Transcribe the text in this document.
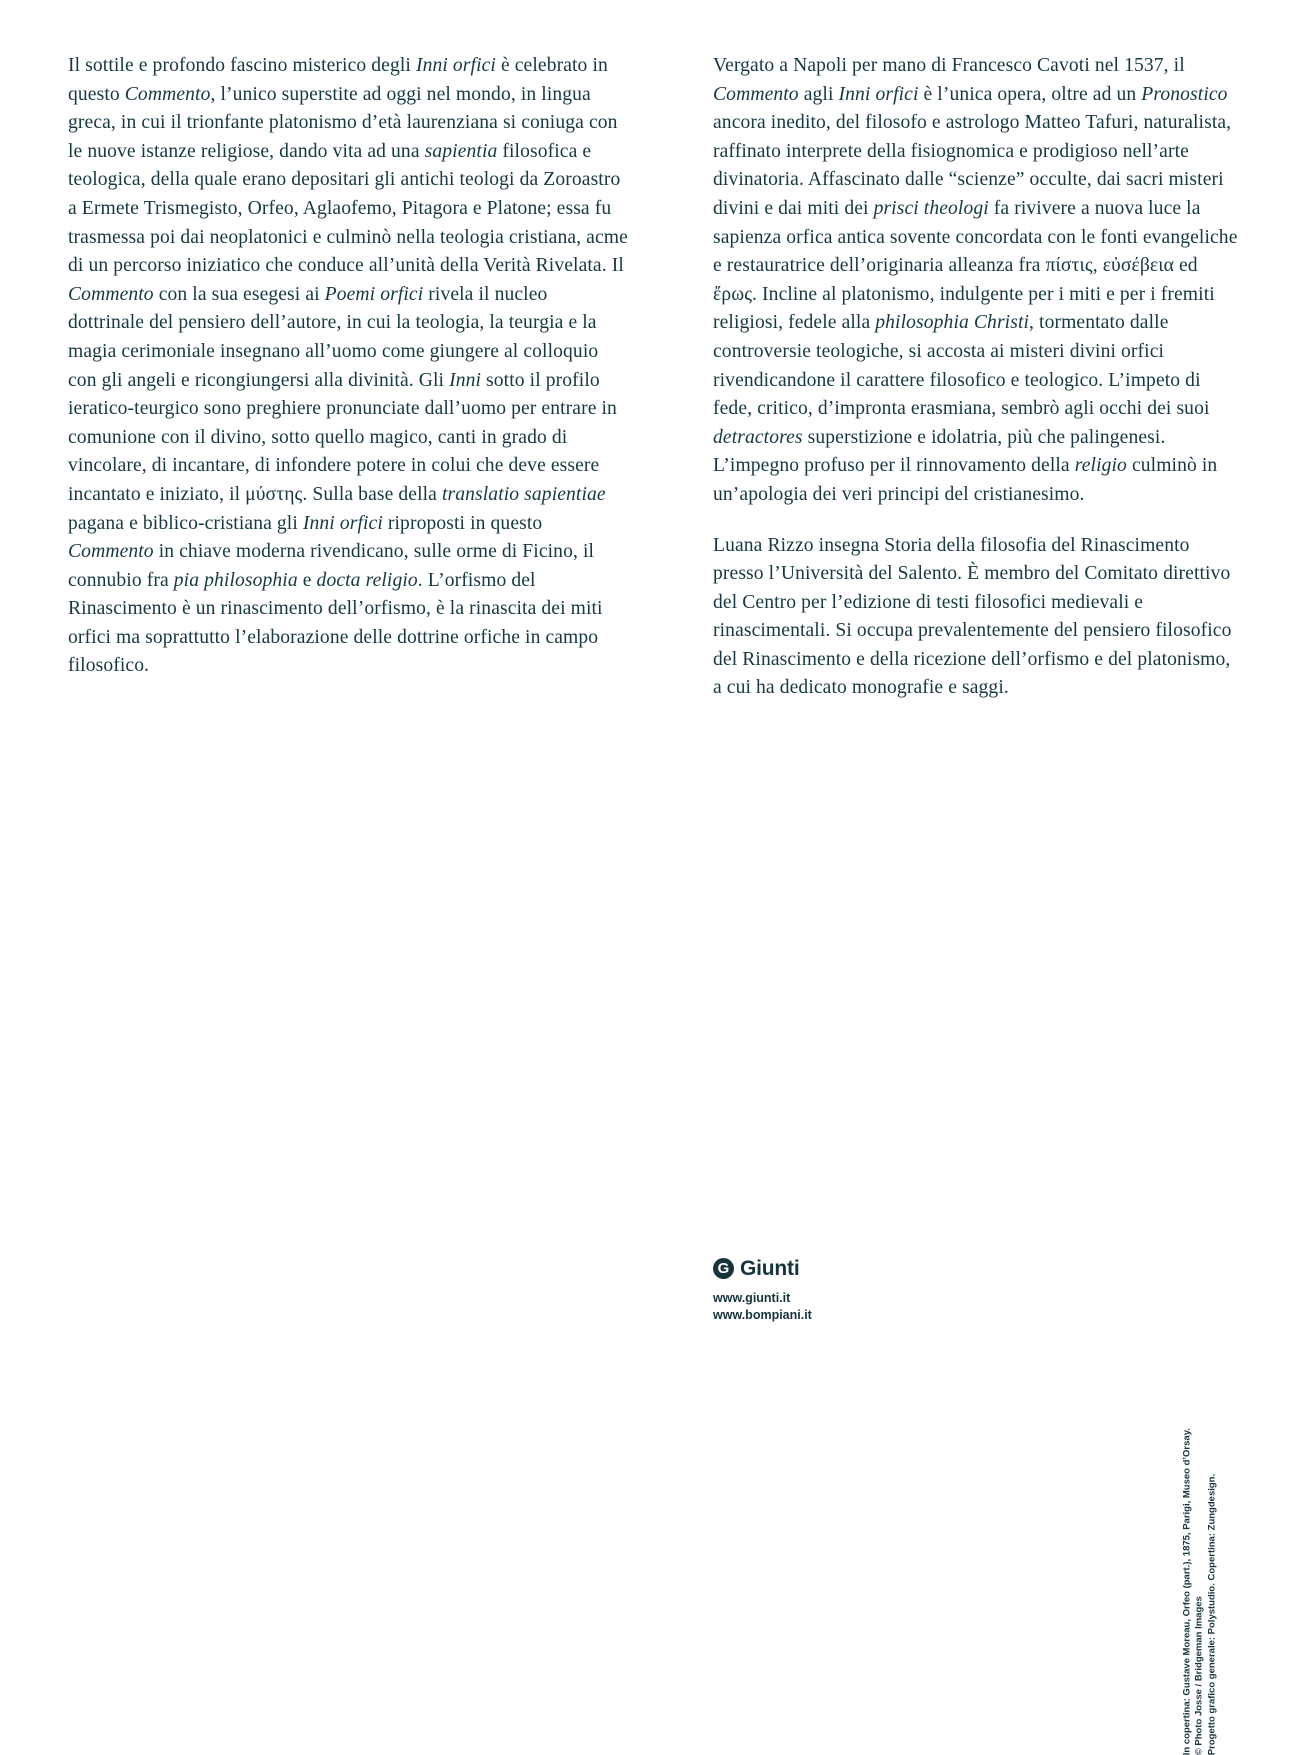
Il sottile e profondo fascino misterico degli Inni orfici è celebrato in questo Commento, l’unico superstite ad oggi nel mondo, in lingua greca, in cui il trionfante platonismo d’età laurenziana si coniuga con le nuove istanze religiose, dando vita ad una sapientia filosofica e teologica, della quale erano depositari gli antichi teologi da Zoroastro a Ermete Trismegisto, Orfeo, Aglaofemo, Pitagora e Platone; essa fu trasmessa poi dai neoplatonici e culminò nella teologia cristiana, acme di un percorso iniziatico che conduce all’unità della Verità Rivelata. Il Commento con la sua esegesi ai Poemi orfici rivela il nucleo dottrinale del pensiero dell’autore, in cui la teologia, la teurgia e la magia cerimoniale insegnano all’uomo come giungere al colloquio con gli angeli e ricongiungersi alla divinità. Gli Inni sotto il profilo ieratico-teurgico sono preghiere pronunciate dall’uomo per entrare in comunione con il divino, sotto quello magico, canti in grado di vincolare, di incantare, di infondere potere in colui che deve essere incantato e iniziato, il μύστης. Sulla base della translatio sapientiae pagana e biblico-cristiana gli Inni orfici riproposti in questo Commento in chiave moderna rivendicano, sulle orme di Ficino, il connubio fra pia philosophia e docta religio. L’orfismo del Rinascimento è un rinascimento dell’orfismo, è la rinascita dei miti orfici ma soprattutto l’elaborazione delle dottrine orfiche in campo filosofico.

Vergato a Napoli per mano di Francesco Cavoti nel 1537, il Commento agli Inni orfici è l’unica opera, oltre ad un Pronostico ancora inedito, del filosofo e astrologo Matteo Tafuri, naturalista, raffinato interprete della fisiognomica e prodigioso nell’arte divinatoria. Affascinato dalle “scienze” occulte, dai sacri misteri divini e dai miti dei prisci theologi fa rivivere a nuova luce la sapienza orfica antica sovente concordata con le fonti evangeliche e restauratrice dell’originaria alleanza fra πίστις, εὐσέβεια ed ἔρως. Incline al platonismo, indulgente per i miti e per i fremiti religiosi, fedele alla philosophia Christi, tormentato dalle controversie teologiche, si accosta ai misteri divini orfici rivendicandone il carattere filosofico e teologico. L’impeto di fede, critico, d’impronta erasmiana, sembrò agli occhi dei suoi detractores superstizione e idolatria, più che palingenesi. L’impegno profuso per il rinnovamento della religio culminò in un’apologia dei veri principi del cristianesimo.

Luana Rizzo insegna Storia della filosofia del Rinascimento presso l’Università del Salento. È membro del Comitato direttivo del Centro per l’edizione di testi filosofici medievali e rinascimentali. Si occupa prevalentemente del pensiero filosofico del Rinascimento e della ricezione dell’orfismo e del platonismo, a cui ha dedicato monografie e saggi.

In copertina: Gustave Moreau, Orfeo (part.), 1875, Parigi, Museo d’Orsay. © Photo Josse / Bridgeman Images Progetto grafico generale: Polystudio. Copertina: Zungdesign.
G Giunti
www.giunti.it
www.bompiani.it
